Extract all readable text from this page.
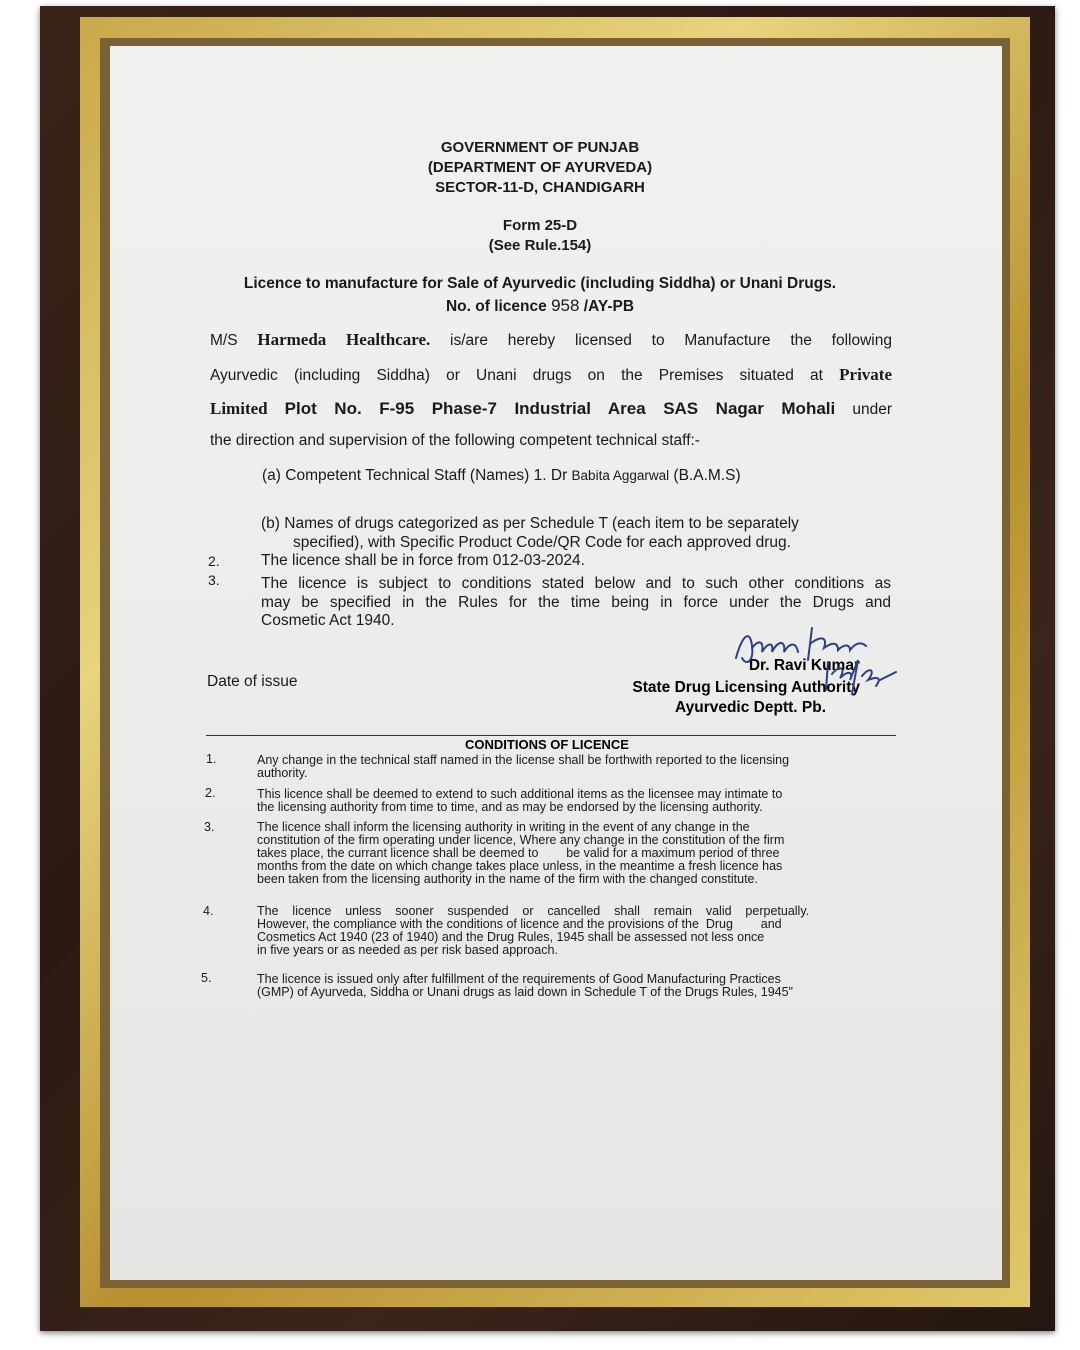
GOVERNMENT OF PUNJAB
(DEPARTMENT OF AYURVEDA)
SECTOR-11-D, CHANDIGARH
Form 25-D
(See Rule.154)
Licence to manufacture for Sale of Ayurvedic (including Siddha) or Unani Drugs.
No. of licence 958 /AY-PB
M/S Harmeda Healthcare. is/are hereby licensed to Manufacture the following
Ayurvedic (including Siddha) or Unani drugs on the Premises situated at Private
Limited Plot No. F-95 Phase-7 Industrial Area SAS Nagar Mohali under
the direction and supervision of the following competent technical staff:-
(a) Competent Technical Staff (Names) 1. Dr Babita Aggarwal (B.A.M.S)
(b) Names of drugs categorized as per Schedule T (each item to be separately
specified), with Specific Product Code/QR Code for each approved drug.
2.	The licence shall be in force from 012-03-2024.
3.	The licence is subject to conditions stated below and to such other conditions as
may be specified in the Rules for the time being in force under the Drugs and
Cosmetic Act 1940.
Date of issue
Dr. Ravi Kumar
State Drug Licensing Authority
Ayurvedic Deptt. Pb.
CONDITIONS OF LICENCE
1.	Any change in the technical staff named in the license shall be forthwith reported to the licensing
authority.
2.	This licence shall be deemed to extend to such additional items as the licensee may intimate to
the licensing authority from time to time, and as may be endorsed by the licensing authority.
3.	The licence shall inform the licensing authority in writing in the event of any change in the
constitution of the firm operating under licence, Where any change in the constitution of the firm
takes place, the currant licence shall be deemed to        be valid for a maximum period of three
months from the date on which change takes place unless, in the meantime a fresh licence has
been taken from the licensing authority in the name of the firm with the changed constitute.
4.	The    licence    unless    sooner    suspended    or    cancelled    shall    remain    valid    perpetually.
However, the compliance with the conditions of licence and the provisions of the  Drug        and
Cosmetics Act 1940 (23 of 1940) and the Drug Rules, 1945 shall be assessed not less once
in five years or as needed as per risk based approach.
5.	The licence is issued only after fulfillment of the requirements of Good Manufacturing Practices
(GMP) of Ayurveda, Siddha or Unani drugs as laid down in Schedule T of the Drugs Rules, 1945"
